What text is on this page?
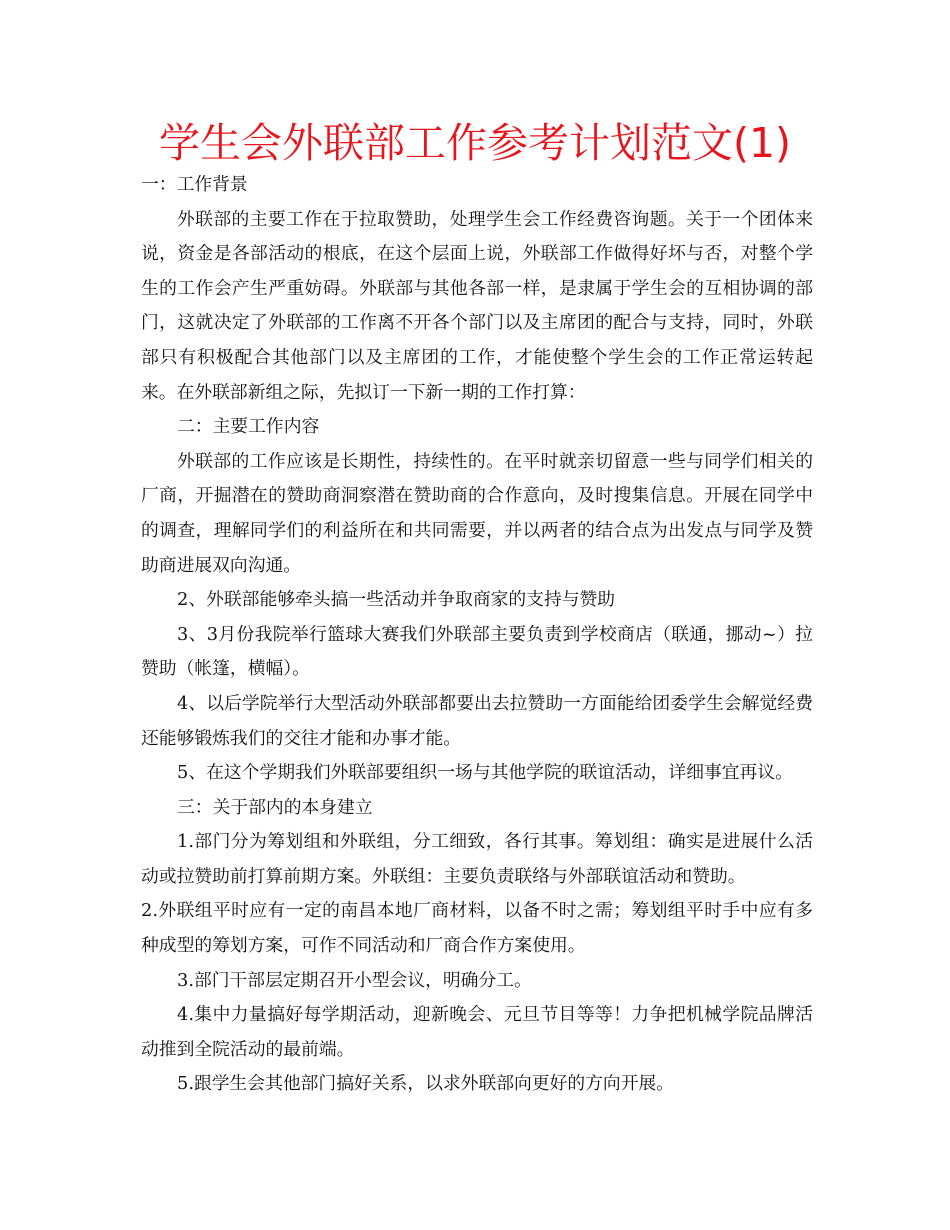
学生会外联部工作参考计划范文(1)

一：工作背景

外联部的主要工作在于拉取赞助，处理学生会工作经费咨询题。关于一个团体来说，资金是各部活动的根底，在这个层面上说，外联部工作做得好坏与否，对整个学生的工作会产生严重妨碍。外联部与其他各部一样，是隶属于学生会的互相协调的部门，这就决定了外联部的工作离不开各个部门以及主席团的配合与支持，同时，外联部只有积极配合其他部门以及主席团的工作，才能使整个学生会的工作正常运转起来。在外联部新组之际，先拟订一下新一期的工作打算：

二：主要工作内容

外联部的工作应该是长期性，持续性的。在平时就亲切留意一些与同学们相关的厂商，开掘潜在的赞助商洞察潜在赞助商的合作意向，及时搜集信息。开展在同学中的调查，理解同学们的利益所在和共同需要，并以两者的结合点为出发点与同学及赞助商进展双向沟通。

2、外联部能够牵头搞一些活动并争取商家的支持与赞助

3、3月份我院举行篮球大赛我们外联部主要负责到学校商店（联通，挪动~）拉赞助（帐篷，横幅）。

4、以后学院举行大型活动外联部都要出去拉赞助一方面能给团委学生会解觉经费还能够锻炼我们的交往才能和办事才能。

5、在这个学期我们外联部要组织一场与其他学院的联谊活动，详细事宜再议。

三：关于部内的本身建立

1.部门分为筹划组和外联组，分工细致，各行其事。筹划组：确实是进展什么活动或拉赞助前打算前期方案。外联组：主要负责联络与外部联谊活动和赞助。

2.外联组平时应有一定的南昌本地厂商材料，以备不时之需；筹划组平时手中应有多种成型的筹划方案，可作不同活动和厂商合作方案使用。

3.部门干部层定期召开小型会议，明确分工。

4.集中力量搞好每学期活动，迎新晚会、元旦节目等等！力争把机械学院品牌活动推到全院活动的最前端。

5.跟学生会其他部门搞好关系，以求外联部向更好的方向开展。
